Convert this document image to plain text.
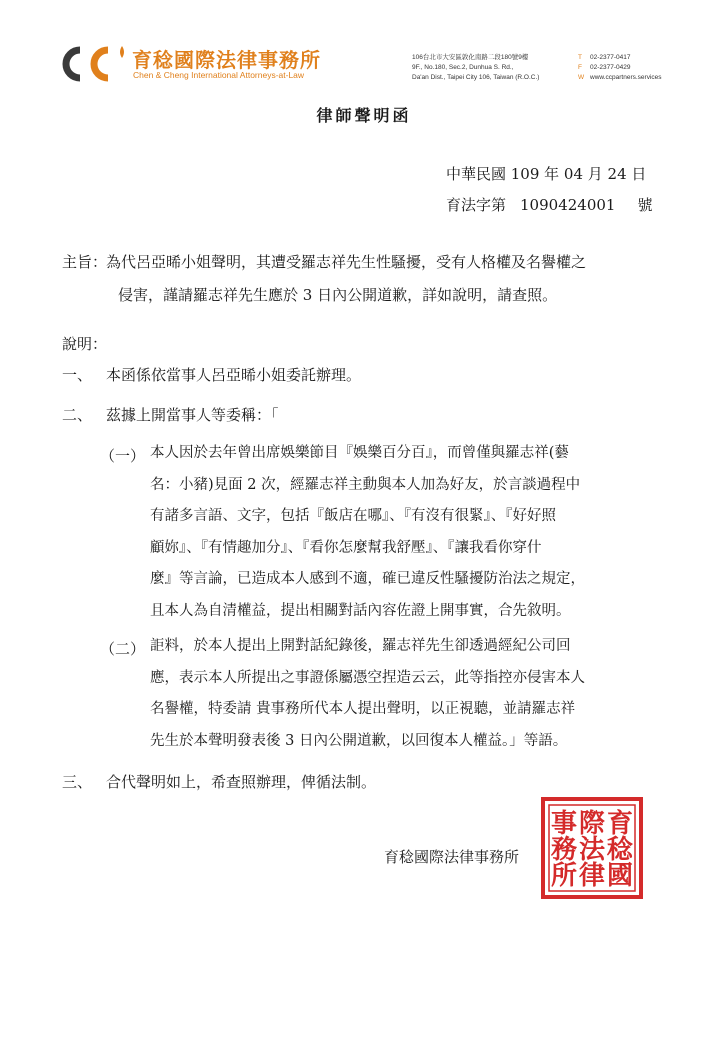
育稔國際法律事務所
Chen & Cheng International Attorneys-at-Law
106台北市大安區敦化南路二段180號9樓
9F., No.180, Sec.2, Dunhua S. Rd.,
Da'an Dist., Taipei City 106, Taiwan (R.O.C.)
T 02-2377-0417
F 02-2377-0429
W www.ccpartners.services
律師聲明函
中華民國 109 年 04 月 24 日
育法字第 1090424001 號
主旨：
為代呂亞晞小姐聲明，其遭受羅志祥先生性騷擾，受有人格權及名譽權之
侵害，謹請羅志祥先生應於 3 日內公開道歉，詳如說明，請查照。
說明：
一、 本函係依當事人呂亞晞小姐委託辦理。
二、 茲據上開當事人等委稱：「
（一） 本人因於去年曾出席娛樂節目『娛樂百分百』，而曾僅與羅志祥(藝
名：小豬)見面 2 次，經羅志祥主動與本人加為好友，於言談過程中
有諸多言語、文字，包括『飯店在哪』、『有沒有很緊』、『好好照
顧妳』、『有情趣加分』、『看你怎麼幫我舒壓』、『讓我看你穿什
麼』等言論，已造成本人感到不適，確已違反性騷擾防治法之規定，
且本人為自清權益，提出相關對話內容佐證上開事實，合先敘明。
（二） 詎料，於本人提出上開對話紀錄後，羅志祥先生卻透過經紀公司回
應，表示本人所提出之事證係屬憑空捏造云云，此等指控亦侵害本人
名譽權，特委請 貴事務所代本人提出聲明，以正視聽，並請羅志祥
先生於本聲明發表後 3 日內公開道歉，以回復本人權益。」等語。
三、 合代聲明如上，希查照辦理，俾循法制。
育稔國際法律事務所
育
稔
國
際
法
律
事
務
所
